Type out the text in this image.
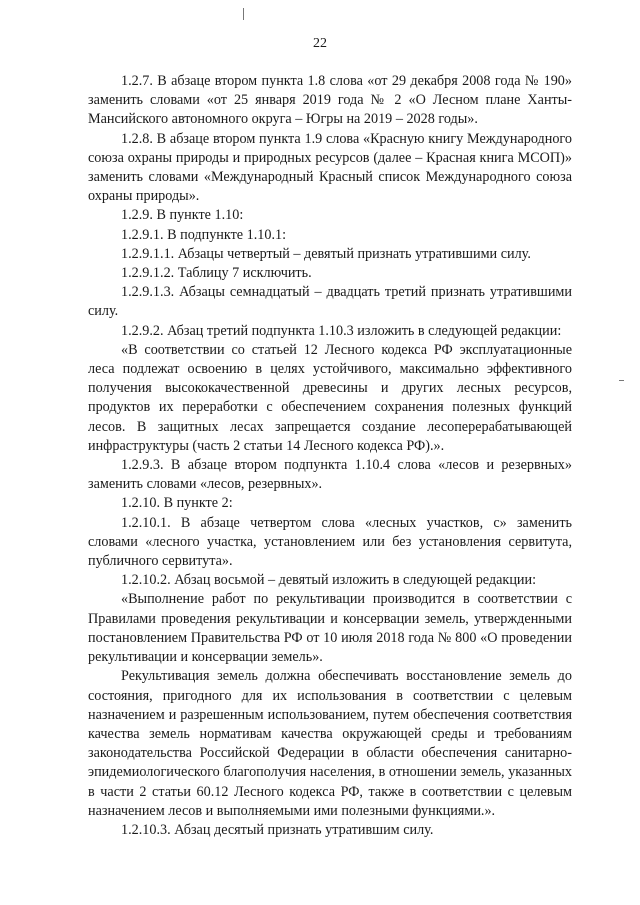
22

1.2.7. В абзаце втором пункта 1.8 слова «от 29 декабря 2008 года № 190» заменить словами «от 25 января 2019 года № 2 «О Лесном плане Ханты-Мансийского автономного округа – Югры на 2019 – 2028 годы».

1.2.8. В абзаце втором пункта 1.9 слова «Красную книгу Международного союза охраны природы и природных ресурсов (далее – Красная книга МСОП)» заменить словами «Международный Красный список Международного союза охраны природы».

1.2.9. В пункте 1.10:

1.2.9.1. В подпункте 1.10.1:

1.2.9.1.1. Абзацы четвертый – девятый признать утратившими силу.

1.2.9.1.2. Таблицу 7 исключить.

1.2.9.1.3. Абзацы семнадцатый – двадцать третий признать утратившими силу.

1.2.9.2. Абзац третий подпункта 1.10.3 изложить в следующей редакции:

«В соответствии со статьей 12 Лесного кодекса РФ эксплуатационные леса подлежат освоению в целях устойчивого, максимально эффективного получения высококачественной древесины и других лесных ресурсов, продуктов их переработки с обеспечением сохранения полезных функций лесов. В защитных лесах запрещается создание лесоперерабатывающей инфраструктуры (часть 2 статьи 14 Лесного кодекса РФ).».

1.2.9.3. В абзаце втором подпункта 1.10.4 слова «лесов и резервных» заменить словами «лесов, резервных».

1.2.10. В пункте 2:

1.2.10.1. В абзаце четвертом слова «лесных участков, с» заменить словами «лесного участка, установлением или без установления сервитута, публичного сервитута».

1.2.10.2. Абзац восьмой – девятый изложить в следующей редакции:

«Выполнение работ по рекультивации производится в соответствии с Правилами проведения рекультивации и консервации земель, утвержденными постановлением Правительства РФ от 10 июля 2018 года № 800 «О проведении рекультивации и консервации земель».

Рекультивация земель должна обеспечивать восстановление земель до состояния, пригодного для их использования в соответствии с целевым назначением и разрешенным использованием, путем обеспечения соответствия качества земель нормативам качества окружающей среды и требованиям законодательства Российской Федерации в области обеспечения санитарно-эпидемиологического благополучия населения, в отношении земель, указанных в части 2 статьи 60.12 Лесного кодекса РФ, также в соответствии с целевым назначением лесов и выполняемыми ими полезными функциями.».

1.2.10.3. Абзац десятый признать утратившим силу.
